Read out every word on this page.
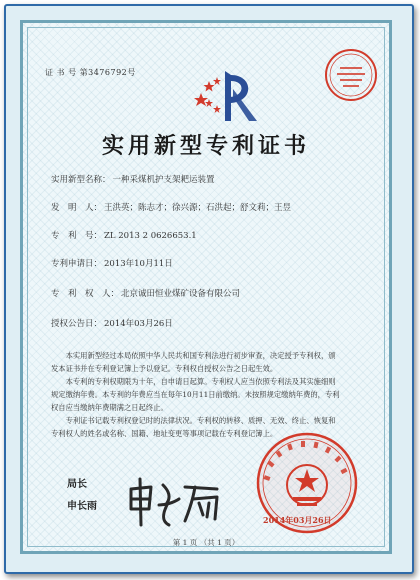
证 书 号 第3476792号
实用新型专利证书
实用新型名称： 一种采煤机护支架耙运装置
发　明　人： 王洪英；陈志才；徐兴源；石洪起；舒文莉；王昱
专　利　号： ZL 2013 2 0626653.1
专利申请日： 2013年10月11日
专　利　权　人： 北京诚田恒业煤矿设备有限公司
授权公告日： 2014年03月26日

本实用新型经过本局依照中华人民共和国专利法进行初步审查，决定授予专利权，颁发本证书并在专利登记簿上予以登记。专利权自授权公告之日起生效。

本专利的专利权期限为十年，自申请日起算。专利权人应当依照专利法及其实施细则规定缴纳年费。本专利的年费应当在每年10月11日前缴纳。未按照规定缴纳年费的，专利权自应当缴纳年费期满之日起终止。

专利证书记载专利权登记时的法律状况。专利权的转移、质押、无效、终止、恢复和专利权人的姓名或名称、国籍、地址变更等事项记载在专利登记簿上。

局长
申长雨
2014年03月26日
第 1 页 （共 1 页）
